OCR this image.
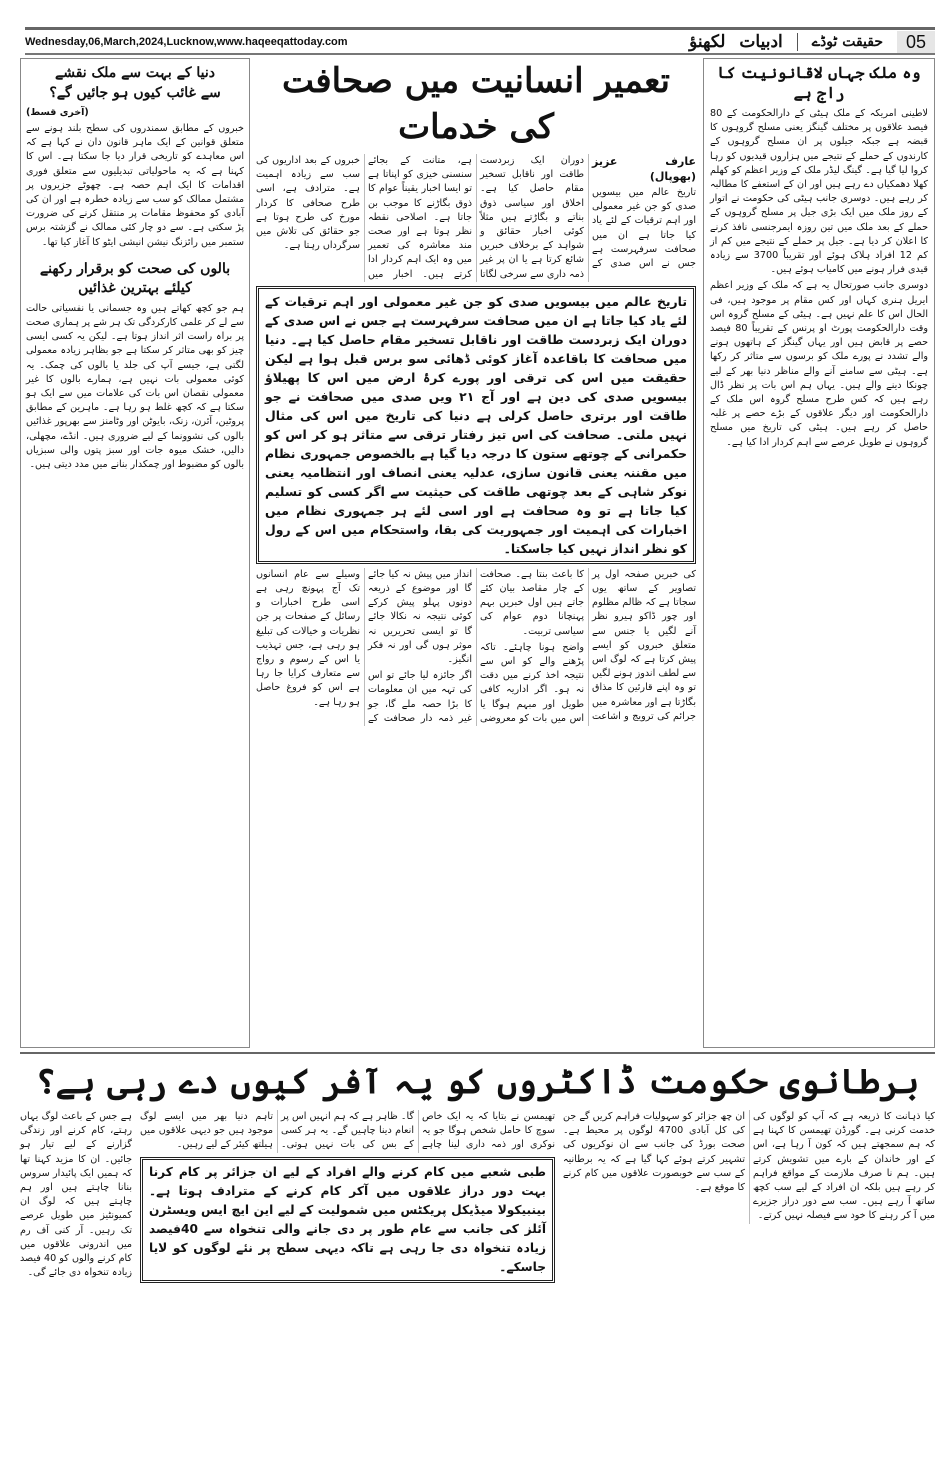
Wednesday,06,March,2024,Lucknow,www.haqeeqattoday.com	لکھنؤ ادبیات حقیقت ٹوڈے	05
وہ ملک جہاں لاقانونیت کا راج ہے

لاطینی امریکہ کے ملک ہیٹی کے دارالحکومت کے 80 فیصد علاقوں پر مختلف گینگز یعنی مسلح گروہوں کا قبضہ ہے جبکہ جیلوں پر ان مسلح گروہوں کے کارندوں کے حملے کے نتیجے میں ہزاروں قیدیوں کو رہا کروا لیا گیا ہے۔ گینگ لیڈر ملک کے وزیر اعظم کو کھلم کھلا دھمکیاں دے رہے ہیں اور ان کے استعفے کا مطالبہ کر رہے ہیں۔ دوسری جانب ہیٹی کی حکومت نے اتوار کے روز ملک میں ایک بڑی جیل پر مسلح گروہوں کے حملے کے بعد ملک میں تین روزہ ایمرجنسی نافذ کرنے کا اعلان کر دیا ہے۔ جیل پر حملے کے نتیجے میں کم از کم 12 افراد ہلاک ہوئے اور تقریباً 3700 سے زیادہ قیدی فرار ہونے میں کامیاب ہوئے ہیں۔

دوسری جانب صورتحال یہ ہے کہ ملک کے وزیر اعظم ایریل ہنری کہاں اور کس مقام پر موجود ہیں، فی الحال اس کا علم نہیں ہے۔ ہیٹی کے مسلح گروہ اس وقت دارالحکومت پورٹ او پرنس کے تقریباً 80 فیصد حصے پر قابض ہیں اور یہاں گینگز کے ہاتھوں ہونے والے تشدد نے پورے ملک کو برسوں سے متاثر کر رکھا ہے۔ ہیٹی سے سامنے آنے والے مناظر دنیا بھر کے لیے چونکا دینے والے ہیں۔ یہاں ہم اس بات پر نظر ڈال رہے ہیں کہ کس طرح مسلح گروہ اس ملک کے دارالحکومت اور دیگر علاقوں کے بڑے حصے پر غلبہ حاصل کر رہے ہیں۔ ہیٹی کی تاریخ میں مسلح گروہوں نے طویل عرصے سے اہم کردار ادا کیا ہے۔

دنیا کے بہت سے ملک نقشے
سے غائب کیوں ہو جائیں گے؟
(آخری قسط)
خبروں کے مطابق سمندروں کی سطح بلند ہونے سے متعلق قوانین کے ایک ماہر قانون دان نے کہا ہے کہ اس معاہدے کو تاریخی قرار دیا جا سکتا ہے۔ اس کا کہنا ہے کہ یہ ماحولیاتی تبدیلیوں سے متعلق فوری اقدامات کا ایک اہم حصہ ہے۔ چھوٹے جزیروں پر مشتمل ممالک کو سب سے زیادہ خطرہ ہے اور ان کی آبادی کو محفوظ مقامات پر منتقل کرنے کی ضرورت پڑ سکتی ہے۔ سے دو چار کئی ممالک نے گزشتہ برس ستمبر میں رائزنگ نیشن انیشی ایٹو کا آغاز کیا تھا۔
بالوں کی صحت کو برقرار رکھنے کیلئے بہترین غذائیں
ہم جو کچھ کھاتے ہیں وہ جسمانی یا نفسیاتی حالت سے لے کر علمی کارکردگی تک ہر شے پر ہماری صحت پر براہ راست اثر انداز ہوتا ہے۔ لیکن یہ کسی ایسی چیز کو بھی متاثر کر سکتا ہے جو بظاہر زیادہ معمولی لگتی ہے، جیسے آپ کی جلد یا بالوں کی چمک۔ یہ کوئی معمولی بات نہیں ہے، ہمارے بالوں کا غیر معمولی نقصان اس بات کی علامات میں سے ایک ہو سکتا ہے کہ کچھ غلط ہو رہا ہے۔ ماہرین کے مطابق پروٹین، آئرن، زنک، بایوٹن اور وٹامنز سے بھرپور غذائیں بالوں کی نشوونما کے لیے ضروری ہیں۔ انڈے، مچھلی، دالیں، خشک میوہ جات اور سبز پتوں والی سبزیاں بالوں کو مضبوط اور چمکدار بنانے میں مدد دیتی ہیں۔
تعمیر انسانیت میں صحافت کی خدمات

عارف عزیز (بھوپال)

تاریخ عالم میں بیسویں صدی کو جن غیر معمولی اور اہم ترقیات کے لئے یاد کیا جاتا ہے ان میں صحافت سرفہرست ہے جس نے اس صدی کے دوران ایک زبردست طاقت اور ناقابل تسخیر مقام حاصل کیا ہے۔ اخلاق اور سیاسی ذوق بناتے و بگاڑتے ہیں مثلاً کوئی اخبار حقائق و شواہد کے برخلاف خبریں شائع کرتا ہے یا ان پر غیر ذمہ داری سے سرخی لگاتا ہے، متانت کے بجائے سنسنی خیزی کو اپناتا ہے تو ایسا اخبار یقیناً عوام کا ذوق بگاڑنے کا موجب بن جاتا ہے۔ اصلاحی نقطہ نظر ہوتا ہے اور صحت مند معاشرہ کی تعمیر میں وہ ایک اہم کردار ادا کرتے ہیں۔ اخبار میں خبروں کے بعد اداریوں کی سب سے زیادہ اہمیت ہے۔ مترادف ہے، اسی طرح صحافی کا کردار مورخ کی طرح ہوتا ہے جو حقائق کی تلاش میں سرگرداں رہتا ہے۔

تاریخ عالم میں بیسویں صدی کو جن غیر معمولی اور اہم ترقیات کے لئے یاد کیا جاتا ہے ان میں صحافت سرفہرست ہے جس نے اس صدی کے دوران ایک زبردست طاقت اور ناقابل تسخیر مقام حاصل کیا ہے۔ دنیا میں صحافت کا باقاعدہ آغاز کوئی ڈھائی سو برس قبل ہوا ہے لیکن حقیقت میں اس کی ترقی اور پورے کرۂ ارض میں اس کا پھیلاؤ بیسویں صدی کی دین ہے اور آج ۲۱ ویں صدی میں صحافت نے جو طاقت اور برتری حاصل کرلی ہے دنیا کی تاریخ میں اس کی مثال نہیں ملتی۔ صحافت کی اس تیز رفتار ترقی سے متاثر ہو کر اس کو حکمرانی کے چوتھے ستون کا درجہ دیا گیا ہے بالخصوص جمہوری نظام میں مقننہ یعنی قانون سازی، عدلیہ یعنی انصاف اور انتظامیہ یعنی نوکر شاہی کے بعد چوتھی طاقت کی حیثیت سے اگر کسی کو تسلیم کیا جاتا ہے تو وہ صحافت ہے اور اسی لئے ہر جمہوری نظام میں اخبارات کی اہمیت اور جمہوریت کی بقا، واستحکام میں اس کے رول کو نظر انداز نہیں کیا جاسکتا۔

کی خبریں صفحہ اول پر تصاویر کے ساتھ یوں سجاتا ہے کہ ظالم مظلوم اور چور ڈاکو ہیرو نظر آنے لگیں یا جنس سے متعلق خبروں کو ایسے پیش کرتا ہے کہ لوگ اس سے لطف اندوز ہونے لگیں تو وہ اپنے قارئین کا مذاق بگاڑتا ہے اور معاشرہ میں جرائم کی ترویج و اشاعت کا باعث بنتا ہے۔ صحافت کے چار مقاصد بیان کئے جاتے ہیں اول خبریں بہم پہنچانا دوم عوام کی سیاسی تربیت۔

واضح ہونا چاہئے۔ تاکہ پڑھنے والے کو اس سے نتیجہ اخذ کرنے میں دقت نہ ہو۔ اگر اداریہ کافی طویل اور مبہم ہوگا یا اس میں بات کو معروضی انداز میں پیش نہ کیا جائے گا اور موضوع کے ذریعہ دونوں پہلو پیش کرکے کوئی نتیجہ نہ نکالا جائے گا تو ایسی تحریریں نہ موثر ہوں گی اور نہ فکر انگیز۔

اگر جائزہ لیا جائے تو اس کی تہہ میں ان معلومات کا بڑا حصہ ملے گا، جو غیر ذمہ دار صحافت کے وسیلے سے عام انسانوں تک آج پہونچ رہی ہے اسی طرح اخبارات و رسائل کے صفحات پر جن نظریات و خیالات کی تبلیغ ہو رہی ہے، جس تہذیب یا اس کے رسوم و رواج سے متعارف کرایا جا رہا ہے اس کو فروغ حاصل ہو رہا ہے۔

برطانوی حکومت ڈاکٹروں کو یہ آفر کیوں دے رہی ہے؟

کیا ذہانت کا ذریعہ ہے کہ آپ کو لوگوں کی خدمت کرنی ہے۔ گورڈن تھیمسن کا کہنا ہے کہ ہم سمجھتے ہیں کہ کون آ رہا ہے، اس کے اور خاندان کے بارے میں تشویش کرتے ہیں۔ ہم نا صرف ملازمت کے مواقع فراہم کر رہے ہیں بلکہ ان افراد کے لیے سب کچھ ساتھ آ رہے ہیں۔ سب سے دور دراز جزیرے میں آ کر رہنے کا خود سے فیصلہ نہیں کرتے۔

ان چھ جزائر کو سہولیات فراہم کریں گے جن کی کل آبادی 4700 لوگوں پر محیط ہے۔ صحت بورڈ کی جانب سے ان نوکریوں کی تشہیر کرتے ہوئے کہا گیا ہے کہ یہ برطانیہ کے سب سے خوبصورت علاقوں میں کام کرنے کا موقع ہے۔

تھیمسن نے بتایا کہ یہ ایک خاص سوچ کا حامل شخص ہوگا جو یہ نوکری اور ذمہ داری لینا چاہے گا۔ ظاہر ہے کہ ہم انہیں اس پر انعام دینا چاہیں گے۔ یہ ہر کسی کے بس کی بات نہیں ہوتی۔ تاہم دنیا بھر میں ایسے لوگ موجود ہیں جو دیہی علاقوں میں ہیلتھ کیئر کے لیے رہیں۔

طبی شعبے میں کام کرنے والے افراد کے لیے ان جزائر پر کام کرنا بہت دور دراز علاقوں میں آکر کام کرنے کے مترادف ہوتا ہے۔ بینبیکولا میڈیکل پریکٹس میں شمولیت کے لیے این ایچ ایس ویسٹرن آئلز کی جانب سے عام طور پر دی جانے والی تنخواہ سے 40فیصد زیادہ تنخواہ دی جا رہی ہے تاکہ دیہی سطح پر نئے لوگوں کو لایا جاسکے۔

ہے جس کے باعث لوگ یہاں رہتے، کام کرنے اور زندگی گزارنے کے لیے تیار ہو جائیں۔ ان کا مزید کہنا تھا کہ ہمیں ایک پائیدار سروس بنانا چاہتے ہیں اور ہم چاہتے ہیں کہ لوگ ان کمیونٹیز میں طویل عرصے تک رہیں۔ آر کنی آف رم میں اندرونی علاقوں میں کام کرنے والوں کو 40 فیصد زیادہ تنخواہ دی جائے گی۔
